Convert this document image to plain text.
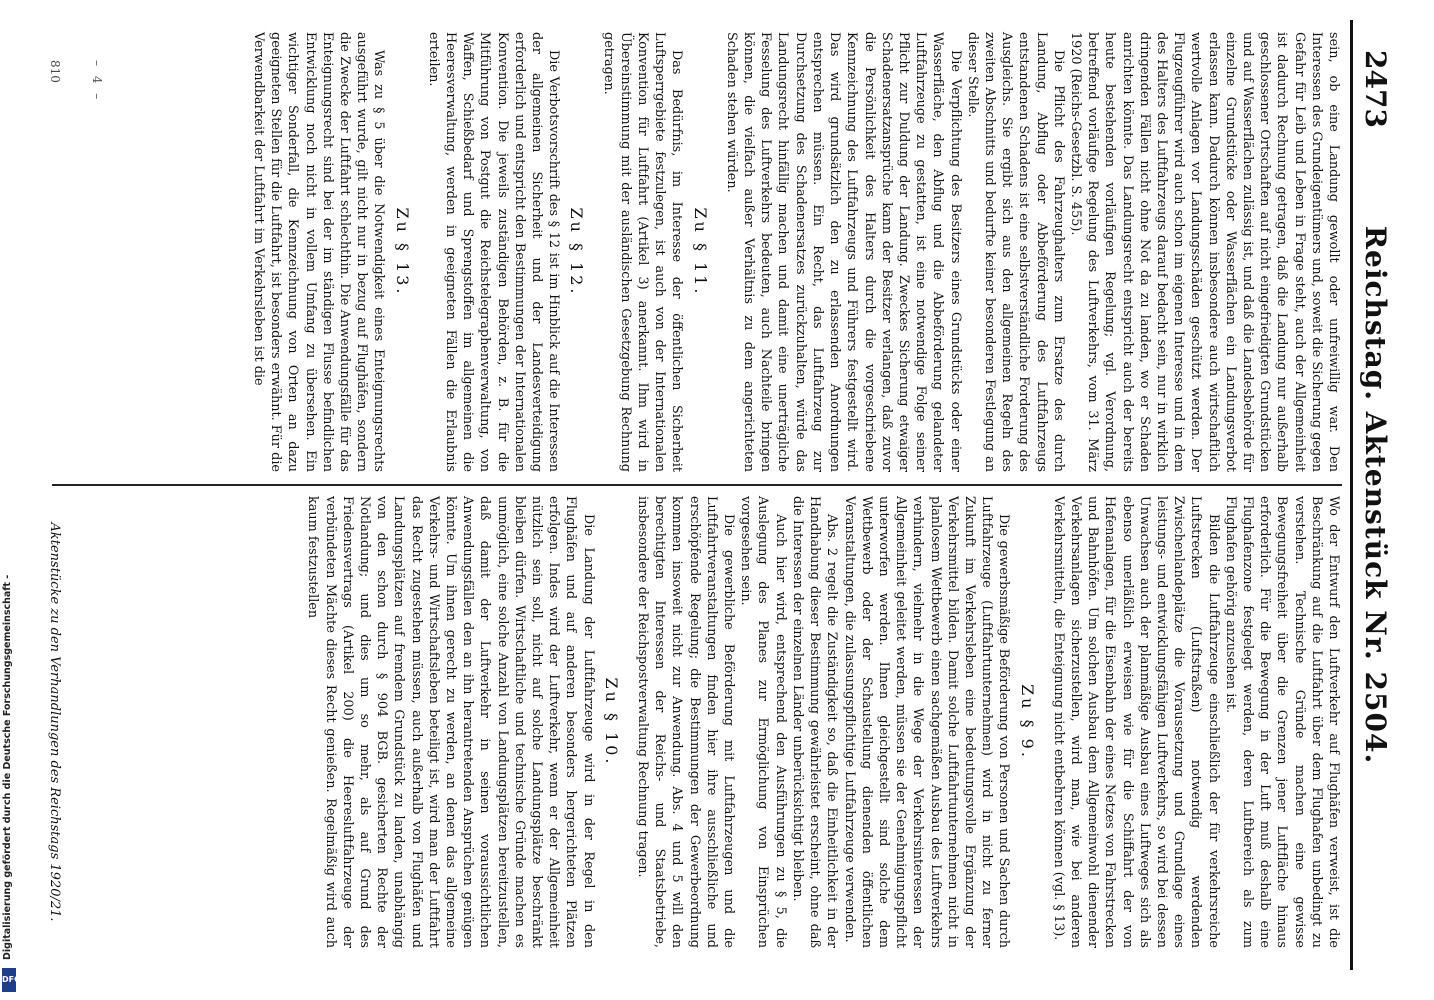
2473
Reichstag. Aktenstück Nr. 2504.

Wo der Entwurf den Luftverkehr auf Flughäfen verweist, ist die Beschränkung auf die Luftfahrt über dem Flughafen unbedingt zu verstehen. Technische Gründe machen eine gewisse Bewegungsfreiheit über die Grenzen jener Luftfläche hinaus erforderlich. Für die Bewegung in der Luft muß deshalb eine Flughafenzone festgelegt werden, deren Luftbereich als zum Flughafen gehörig anzusehen ist.

Bilden die Luftfahrzeuge einschließlich der für verkehrsreiche Luftstrecken (Luftstraßen) notwendig werdenden Zwischenlandeplätze die Voraussetzung und Grundlage eines leistungs- und entwicklungsfähigen Luftverkehrs, so wird bei dessen Unwachsen auch der planmäßige Ausbau eines Luftweges sich als ebenso unerläßlich erweisen wie für die Schiffahrt der von Hafenanlagen, für die Eisenbahn der eines Netzes von Fahrstrecken und Bahnhöfen. Um solchen Ausbau dem Allgemeinwohl dienender Verkehrsanlagen sicherzustellen, wird man, wie bei anderen Verkehrsmitteln, die Enteignung nicht entbehren können (vgl. § 13).

Zu § 9.

Die gewerbsmäßige Beförderung von Personen und Sachen durch Luftfahrzeuge (Luftfahrtunternehmen) wird in nicht zu ferner Zukunft im Verkehrsleben eine bedeutungsvolle Ergänzung der Verkehrsmittel bilden. Damit solche Luftfahrtunternehmen nicht in planlosem Wettbewerb einen sachgemäßen Ausbau des Luftverkehrs verhindern, vielmehr in die Wege der Verkehrsinteressen der Allgemeinheit geleitet werden, müssen sie der Genehmigungspflicht unterworfen werden. Ihnen gleichgestellt sind solche dem Wettbewerb oder der Schaustellung dienenden öffentlichen Veranstaltungen, die zulassungspflichtige Luftfahrzeuge verwenden.

Abs. 2 regelt die Zuständigkeit so, daß die Einheitlichkeit in der Handhabung dieser Bestimmung gewährleistet erscheint, ohne daß die Interessen der einzelnen Länder unberücksichtigt bleiben.

Auch hier wird, entsprechend den Ausführungen zu § 5, die Auslegung des Planes zur Ermöglichung von Einsprüchen vorgesehen sein.

Die gewerbliche Beförderung mit Luftfahrzeugen und die Luftfahrtveranstaltungen finden hier ihre ausschließliche und erschöpfende Regelung; die Bestimmungen der Gewerbeordnung kommen insoweit nicht zur Anwendung. Abs. 4 und 5 will den berechtigten Interessen der Reichs- und Staatsbetriebe, insbesondere der Reichspostverwaltung Rechnung tragen.

Zu § 10.

Die Landung der Luftfahrzeuge wird in der Regel in den Flughäfen und auf anderen besonders hergerichteten Plätzen erfolgen. Indes wird der Luftverkehr, wenn er der Allgemeinheit nützlich sein soll, nicht auf solche Landungsplätze beschränkt bleiben dürfen. Wirtschaftliche und technische Gründe machen es unmöglich, eine solche Anzahl von Landungsplätzen bereitzustellen, daß damit der Luftverkehr in seinen voraussichtlichen Anwendungsfällen den an ihn herantretenden Ansprüchen genügen könnte. Um ihnen gerecht zu werden, an denen das allgemeine Verkehrs- und Wirtschaftsleben beteiligt ist, wird man der Luftfahrt das Recht zugestehen müssen, auch außerhalb von Flughäfen und Landungsplätzen auf fremdem Grundstück zu landen, unabhängig von den schon durch § 904 BGB. gesicherten Rechte der Notlandung; und dies um so mehr, als auf Grund des Friedensvertrags (Artikel 200) die Heeresluftfahrzeuge der verbündeten Mächte dieses Recht genießen. Regelmäßig wird auch kaum festzustellen

Aktenstücke zu den Verhandlungen des Reichstags 1920/21.

sein, ob eine Landung gewollt oder unfreiwillig war. Den Interessen des Grundeigentümers und, soweit die Sicherung gegen Gefahr für Leib und Leben in Frage steht, auch der Allgemeinheit ist dadurch Rechnung getragen, daß die Landung nur außerhalb geschlossener Ortschaften auf nicht eingefriedigten Grundstücken und auf Wasserflächen zulässig ist, und daß die Landesbehörde für einzelne Grundstücke oder Wasserflächen ein Landungsverbot erlassen kann. Dadurch können insbesondere auch wirtschaftlich wertvolle Anlagen vor Landungsschäden geschützt werden. Der Flugzeugführer wird auch schon im eigenen Interesse und in dem des Halters des Luftfahrzeugs darauf bedacht sein, nur in wirklich dringenden Fällen nicht ohne Not da zu landen, wo er Schaden anrichten könnte. Das Landungsrecht entspricht auch der bereits heute bestehenden vorläufigen Regelung; vgl. Verordnung, betreffend vorläufige Regelung des Luftverkehrs, vom 31. März 1920 (Reichs-Gesetzbl. S. 455).

Die Pflicht des Fahrzeughalters zum Ersatze des durch Landung, Abflug oder Abbeförderung des Luftfahrzeugs entstandenen Schadens ist eine selbstverständliche Forderung des Ausgleichs. Sie ergibt sich aus den allgemeinen Regeln des zweiten Abschnitts und bedurfte keiner besonderen Festlegung an dieser Stelle.

Die Verpflichtung des Besitzers eines Grundstücks oder einer Wasserfläche, den Abflug und die Abbeförderung gelandeter Luftfahrzeuge zu gestatten, ist eine notwendige Folge seiner Pflicht zur Duldung der Landung. Zweckes Sicherung etwaiger Schadenersatzansprüche kann der Besitzer verlangen, daß zuvor die Persönlichkeit des Halters durch die vorgeschriebene Kennzeichnung des Luftfahrzeugs und Führers festgestellt wird. Das wird grundsätzlich den zu erlassenden Anordnungen entsprechen müssen. Ein Recht, das Luftfahrzeug zur Durchsetzung des Schadenersatzes zurückzuhalten, würde das Landungsrecht hinfällig machen und damit eine unerträgliche Fesselung des Luftverkehrs bedeuten, auch Nachteile bringen können, die vielfach außer Verhältnis zu dem angerichteten Schaden stehen würden.

Zu § 11.

Das Bedürfnis, im Interesse der öffentlichen Sicherheit Luftsperrgebiete festzulegen, ist auch von der Internationalen Konvention für Luftfahrt (Artikel 3) anerkannt. Ihm wird in Übereinstimmung mit der ausländischen Gesetzgebung Rechnung getragen.

Zu § 12.

Die Verbotsvorschrift des § 12 ist im Hinblick auf die Interessen der allgemeinen Sicherheit und der Landesverteidigung erforderlich und entspricht den Bestimmungen der Internationalen Konvention. Die jeweils zuständigen Behörden, z. B. für die Mitführung von Postgut die Reichstelegraphenverwaltung, von Waffen, Schießbedarf und Sprengstoffen im allgemeinen die Heeresverwaltung, werden in geeigneten Fällen die Erlaubnis erteilen.

Zu § 13.

Was zu § 5 über die Notwendigkeit eines Enteignungsrechts ausgeführt wurde, gilt nicht nur in bezug auf Flughäfen, sondern die Zwecke der Luftfahrt schlechthin. Die Anwendungsfälle für das Enteignungsrecht sind bei der im ständigen Flusse befindlichen Entwicklung noch nicht in vollem Umfang zu übersehen. Ein wichtiger Sonderfall, die Kennzeichnung von Orten an dazu geeigneten Stellen für die Luftfahrt, ist besonders erwähnt. Für die Verwendbarkeit der Luftfahrt im Verkehrsleben ist die

– 4 –
810
Digitalisierung gefördert durch die Deutsche Forschungsgemeinschaft -
DFG
